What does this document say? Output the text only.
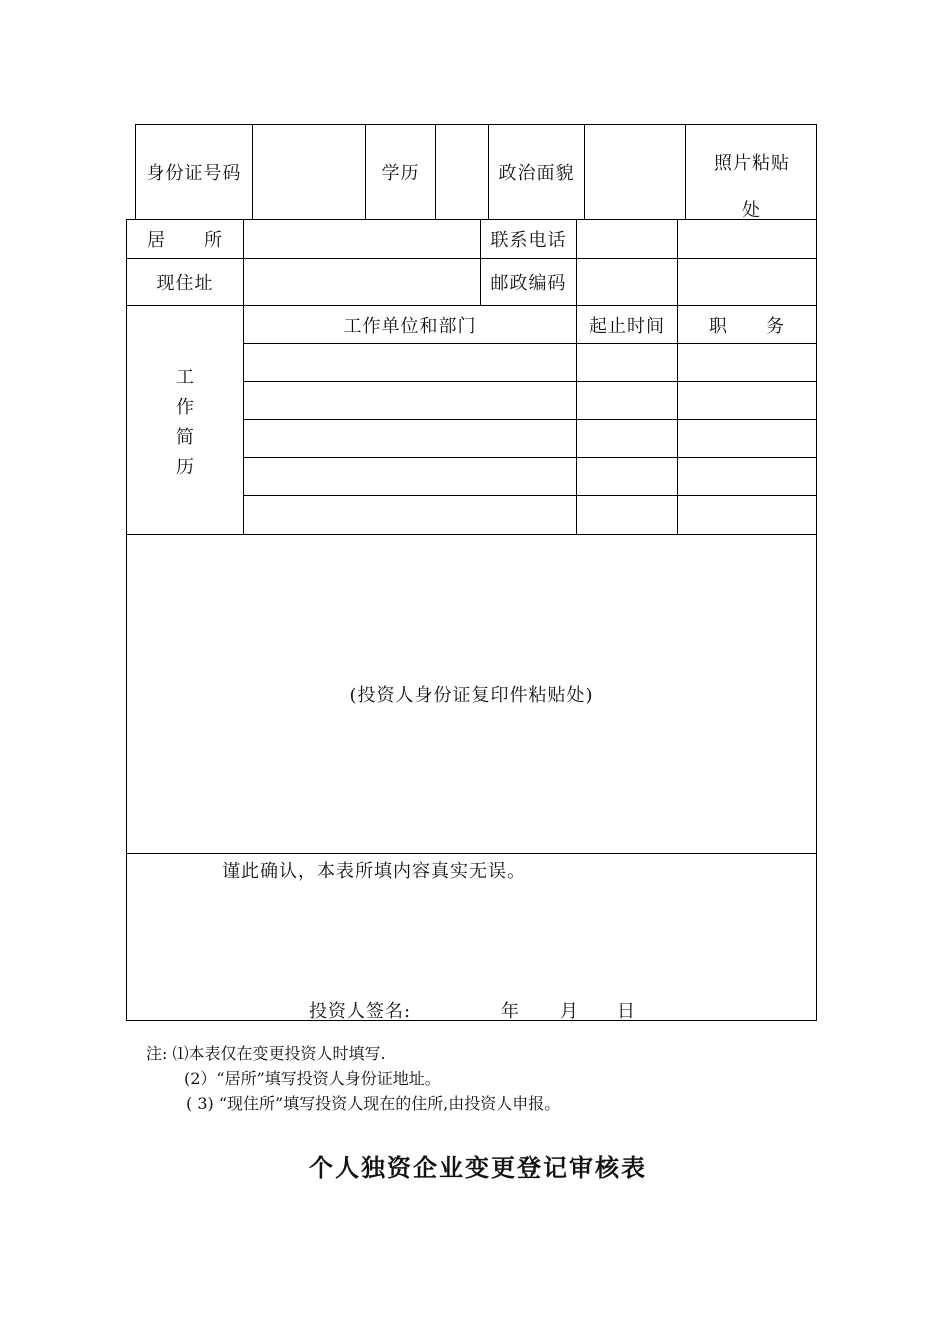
身份证号码	学历	政治面貌	照片粘贴
处
居　　所	联系电话
现住址	邮政编码
工
作
简
历
工作单位和部门	起止时间	职　　务
(投资人身份证复印件粘贴处)
谨此确认，本表所填内容真实无误。
投资人签名:	年 月 日
注: ⑴本表仅在变更投资人时填写.
(2）“居所”填写投资人身份证地址。
( 3) “现住所”填写投资人现在的住所,由投资人申报。
个人独资企业变更登记审核表
